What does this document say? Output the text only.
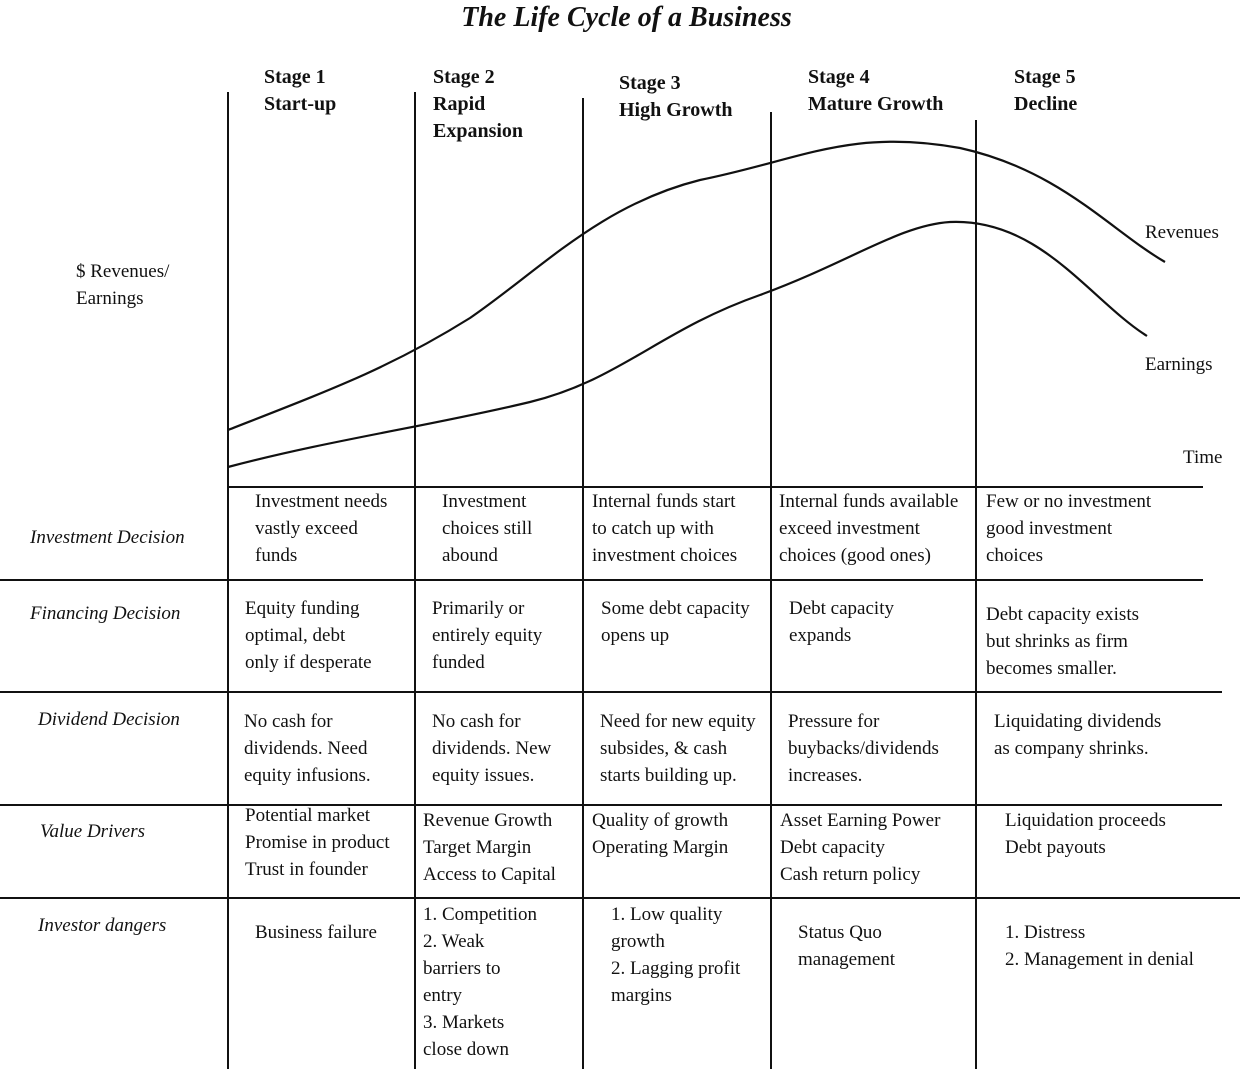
The Life Cycle of a Business
Stage 1
Start-up
Stage 2
Rapid
Expansion
Stage 3
High Growth
Stage 4
Mature Growth
Stage 5
Decline
$ Revenues/
Earnings
Revenues
Earnings
Time
Investment Decision
Financing Decision
Dividend Decision
Value Drivers
Investor dangers
Investment needs
vastly exceed
funds
Investment
choices still
abound
Internal funds start
to catch up with
investment choices
Internal funds available
exceed investment
choices (good ones)
Few or no investment
good investment
choices
Equity funding
optimal, debt
only if desperate
Primarily or
entirely equity
funded
Some debt capacity
opens up
Debt capacity
expands
Debt capacity exists
but shrinks as firm
becomes smaller.
No cash for
dividends. Need
equity infusions.
No cash for
dividends. New
equity issues.
Need for new equity
subsides, & cash
starts building up.
Pressure for
buybacks/dividends
increases.
Liquidating dividends
as company shrinks.
Potential market
Promise in product
Trust in founder
Revenue Growth
Target Margin
Access to Capital
Quality of growth
Operating Margin
Asset Earning Power
Debt capacity
Cash return policy
Liquidation proceeds
Debt payouts
Business failure
1. Competition
2. Weak
barriers to
entry
3. Markets
close down
1. Low quality
growth
2. Lagging profit
margins
Status Quo
management
1. Distress
2. Management in denial
